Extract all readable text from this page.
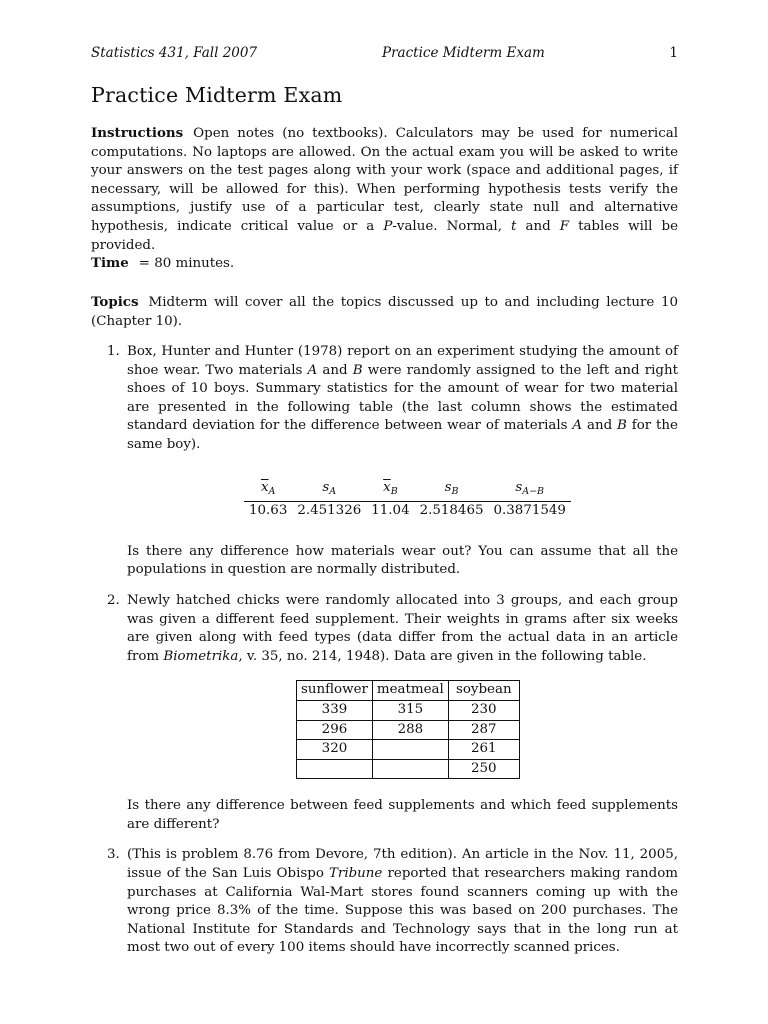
Statistics 431, Fall 2007	Practice Midterm Exam	1
Practice Midterm Exam

Instructions Open notes (no textbooks). Calculators may be used for numerical computations. No laptops are allowed. On the actual exam you will be asked to write your answers on the test pages along with your work (space and additional pages, if necessary, will be allowed for this). When performing hypothesis tests verify the assumptions, justify use of a particular test, clearly state null and alternative hypothesis, indicate critical value or a P-value. Normal, t and F tables will be provided.

Time = 80 minutes.

Topics Midterm will cover all the topics discussed up to and including lecture 10 (Chapter 10).

1. Box, Hunter and Hunter (1978) report on an experiment studying the amount of shoe wear. Two materials A and B were randomly assigned to the left and right shoes of 10 boys. Summary statistics for the amount of wear for two material are presented in the following table (the last column shows the estimated standard deviation for the difference between wear of materials A and B for the same boy).
$\overline{x}_A$	$s_A$	$\overline{x}_B$	$s_B$	$s_{A-B}$
10.63	2.451326	11.04	2.518465	0.3871549
Is there any difference how materials wear out? You can assume that all the populations in question are normally distributed.
2. Newly hatched chicks were randomly allocated into 3 groups, and each group was given a different feed supplement. Their weights in grams after six weeks are given along with feed types (data differ from the actual data in an article from Biometrika, v. 35, no. 214, 1948). Data are given in the following table.
sunflower	meatmeal	soybean
339	315	230
296	288	287
320		261
		250
Is there any difference between feed supplements and which feed supplements are different?
3. (This is problem 8.76 from Devore, 7th edition). An article in the Nov. 11, 2005, issue of the San Luis Obispo Tribune reported that researchers making random purchases at California Wal-Mart stores found scanners coming up with the wrong price 8.3% of the time. Suppose this was based on 200 purchases. The National Institute for Standards and Technology says that in the long run at most two out of every 100 items should have incorrectly scanned prices.
